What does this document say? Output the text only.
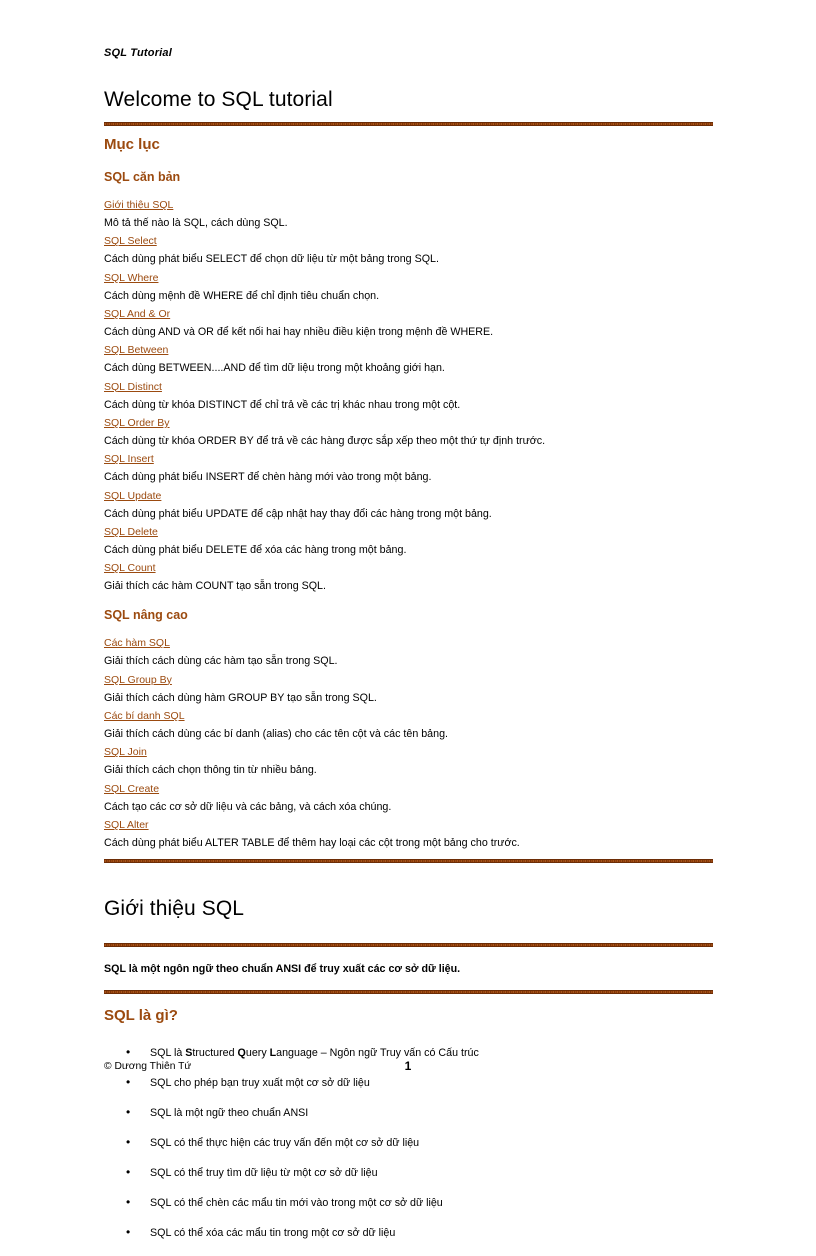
SQL Tutorial
Welcome to SQL tutorial
Mục lục
SQL căn bản
Giới thiệu SQL
Mô tả thế nào là SQL, cách dùng SQL.
SQL Select
Cách dùng phát biểu SELECT để chọn dữ liệu từ một bảng trong SQL.
SQL Where
Cách dùng mệnh đề WHERE để chỉ định tiêu chuẩn chọn.
SQL And & Or
Cách dùng AND và OR để kết nối hai hay nhiều điều kiện trong mệnh đề WHERE.
SQL Between
Cách dùng BETWEEN....AND để tìm dữ liệu trong một khoảng giới hạn.
SQL Distinct
Cách dùng từ khóa DISTINCT để chỉ trả về các trị khác nhau trong một cột.
SQL Order By
Cách dùng từ khóa ORDER BY để trả về các hàng được sắp xếp theo một thứ tự định trước.
SQL Insert
Cách dùng phát biểu INSERT để chèn hàng mới vào trong một bảng.
SQL Update
Cách dùng phát biểu UPDATE để cập nhật hay thay đổi các hàng trong một bảng.
SQL Delete
Cách dùng phát biểu DELETE để xóa các hàng trong một bảng.
SQL Count
Giải thích các hàm COUNT tạo sẵn trong SQL.
SQL nâng cao
Các hàm SQL
Giải thích cách dùng các hàm tạo sẵn trong SQL.
SQL Group By
Giải thích cách dùng hàm GROUP BY tạo sẵn trong SQL.
Các bí danh SQL
Giải thích cách dùng các bí danh (alias) cho các tên cột và các tên bảng.
SQL Join
Giải thích cách chọn thông tin từ nhiều bảng.
SQL Create
Cách tạo các cơ sở dữ liệu và các bảng, và cách xóa chúng.
SQL Alter
Cách dùng phát biểu ALTER TABLE để thêm hay loại các cột trong một bảng cho trước.
Giới thiệu SQL

SQL là một ngôn ngữ theo chuẩn ANSI để truy xuất các cơ sở dữ liệu.

SQL là gì?
• SQL là Structured Query Language – Ngôn ngữ Truy vấn có Cấu trúc
• SQL cho phép bạn truy xuất một cơ sở dữ liệu
• SQL là một ngữ theo chuẩn ANSI
• SQL có thể thực hiện các truy vấn đến một cơ sở dữ liệu
• SQL có thể truy tìm dữ liệu từ một cơ sở dữ liệu
• SQL có thể chèn các mẩu tin mới vào trong một cơ sở dữ liệu
• SQL có thể xóa các mẩu tin trong một cơ sở dữ liệu
© Dương Thiên Tứ	1
